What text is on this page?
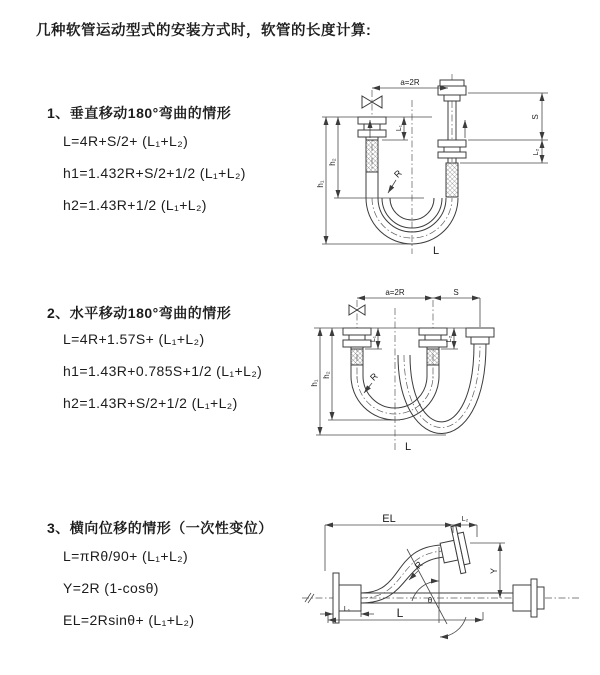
几种软管运动型式的安装方式时，软管的长度计算:
1、垂直移动180°弯曲的情形
L=4R+S/2+ (L₁+L₂)
h1=1.432R+S/2+1/2 (L₁+L₂)
h2=1.43R+1/2 (L₁+L₂)
2、水平移动180°弯曲的情形
L=4R+1.57S+ (L₁+L₂)
h1=1.43R+0.785S+1/2 (L₁+L₂)
h2=1.43R+S/2+1/2 (L₁+L₂)
3、横向位移的情形（一次性变位）
L=πRθ/90+ (L₁+L₂)
Y=2R (1-cosθ)
EL=2Rsinθ+ (L₁+L₂)
a=2R
h₁
h₂
L₁
S
L₂
R
L
a=2R	S
h₁
h₂
L₁	L₂
R
L
EL	L₂
Y
R
θ
L₁	L
